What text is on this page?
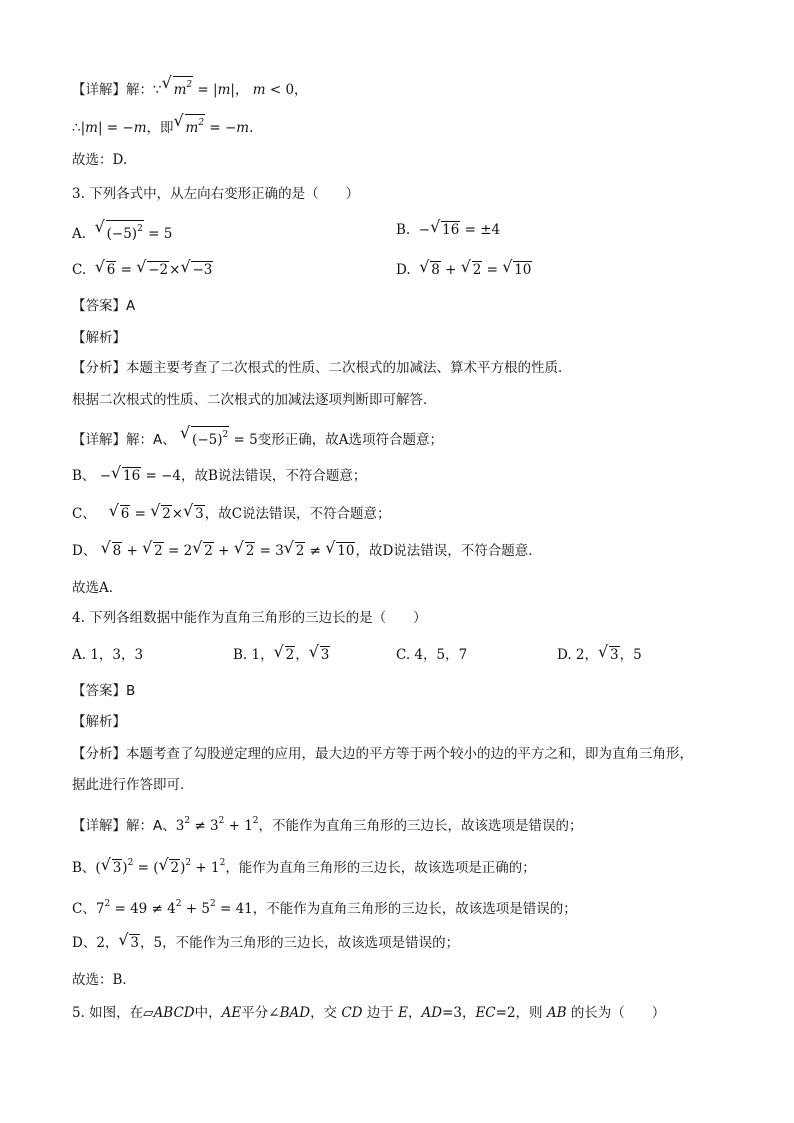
【详解】解：∵ √ $m^2 = |m|$， m < 0，
∴|m| = −m，即 √ $m^2 = -m$.
故选：D.
3. 下列各式中，从左向右变形正确的是（　　）
A.  √ $(-5)^2 = 5$	B.  − √ 16 = ±4
C.  √ 6 = √ −2× √ −3	D.  √ 8 + √ 2 = √ 10
【答案】A
【解析】
【分析】本题主要考查了二次根式的性质、二次根式的加减法、算术平方根的性质．
根据二次根式的性质、二次根式的加减法逐项判断即可解答．
【详解】解：A、 √ $(-5)^2 = 5$变形正确，故A选项符合题意；
B、 − √ 16 = −4，故B说法错误，不符合题意；
C、   √ 6 = √ 2× √ 3，故C说法错误，不符合题意；
D、 √ 8 + √ 2 = 2 √ 2 + √ 2 = 3 √ 2 ≠ √ 10，故D说法错误，不符合题意．
故选A．
4. 下列各组数据中能作为直角三角形的三边长的是（　　）
A. 1，3，3	B. 1， √ 2， √ 3	C. 4，5，7	D. 2， √ 3，5
【答案】B
【解析】
【分析】本题考查了勾股逆定理的应用，最大边的平方等于两个较小的边的平方之和，即为直角三角形，
据此进行作答即可．
【详解】解：A、$3^2 \ne 3^2 + 1^2$，不能作为直角三角形的三边长，故该选项是错误的；
B、( √ 3)$^2$ = ( √ $2)^2 + 1^2$，能作为直角三角形的三边长，故该选项是正确的；
C、$7^2 = 49 \ne 4^2 + 5^2 = 41$，不能作为直角三角形的三边长，故该选项是错误的；
D、2， √ 3，5，不能作为三角形的三边长，故该选项是错误的；
故选：B．
5. 如图，在▱ABCD中，AE平分∠BAD，交 CD 边于 E，AD=3，EC=2，则 AB 的长为（　　）
